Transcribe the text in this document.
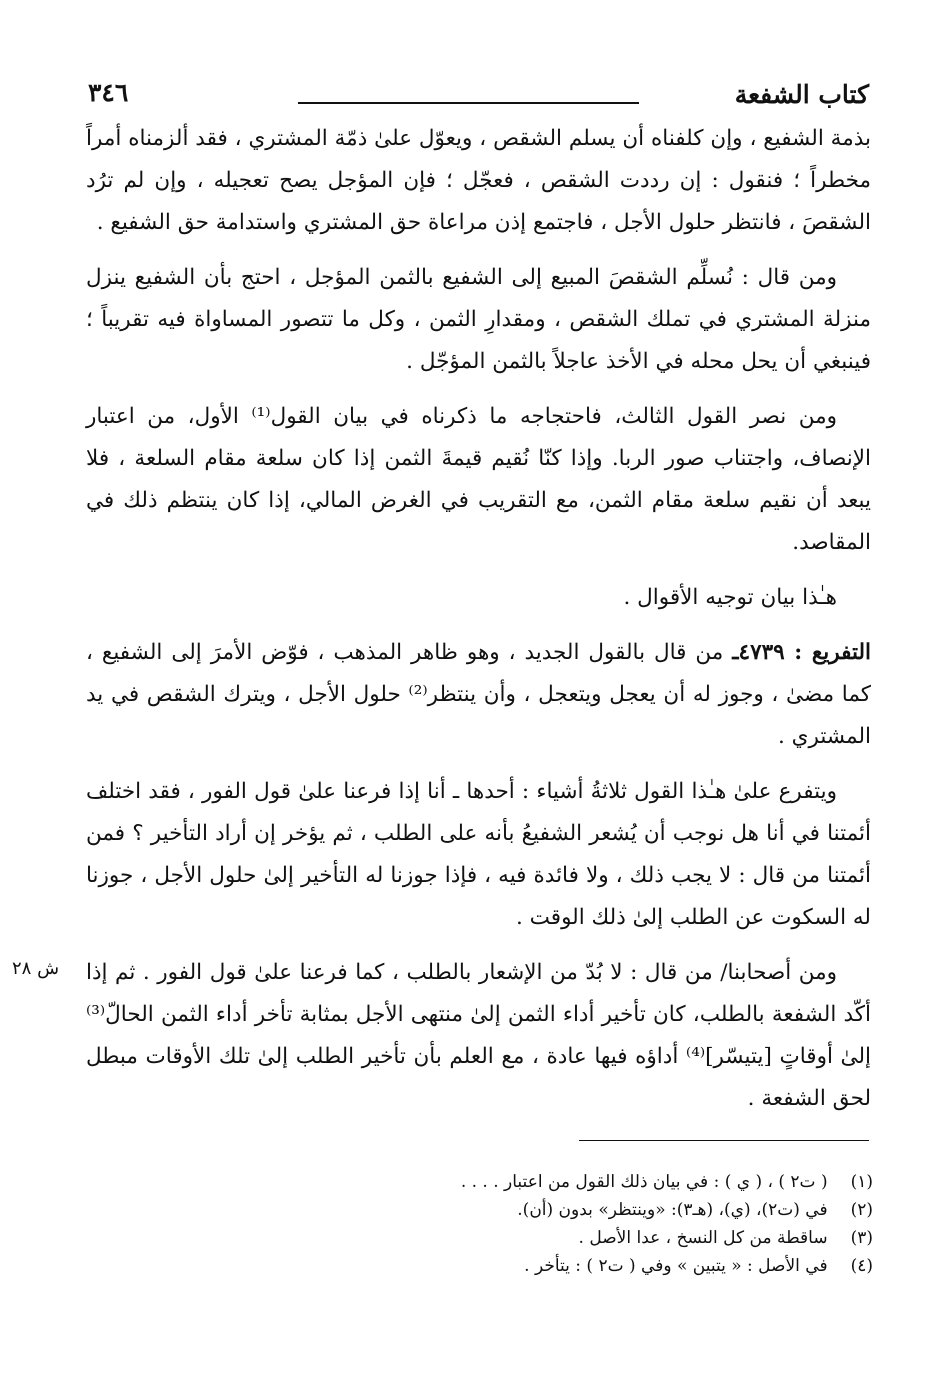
كتاب الشفعة
٣٤٦

بذمة الشفيع ، وإن كلفناه أن يسلم الشقص ، ويعوّل علىٰ ذمّة المشتري ، فقد ألزمناه أمراً مخطراً ؛ فنقول : إن رددت الشقص ، فعجّل ؛ فإن المؤجل يصح تعجيله ، وإن لم ترُد الشقصَ ، فانتظر حلول الأجل ، فاجتمع إذن مراعاة حق المشتري واستدامة حق الشفيع .

ومن قال : نُسلِّم الشقصَ المبيع إلى الشفيع بالثمن المؤجل ، احتج بأن الشفيع ينزل منزلة المشتري في تملك الشقص ، ومقدارِ الثمن ، وكل ما تتصور المساواة فيه تقريباً ؛ فينبغي أن يحل محله في الأخذ عاجلاً بالثمن المؤجّل .

ومن نصر القول الثالث، فاحتجاجه ما ذكرناه في بيان القول⁽¹⁾ الأول، من اعتبار الإنصاف، واجتناب صور الربا. وإذا كنّا نُقيم قيمةَ الثمن إذا كان سلعة مقام السلعة ، فلا يبعد أن نقيم سلعة مقام الثمن، مع التقريب في الغرض المالي، إذا كان ينتظم ذلك في المقاصد.

هـٰذا بيان توجيه الأقوال .

التفريع : ٤٧٣٩ـ من قال بالقول الجديد ، وهو ظاهر المذهب ، فوّض الأمرَ إلى الشفيع ، كما مضىٰ ، وجوز له أن يعجل ويتعجل ، وأن ينتظر⁽²⁾ حلول الأجل ، ويترك الشقص في يد المشتري .

ويتفرع علىٰ هـٰذا القول ثلاثةُ أشياء : أحدها ـ أنا إذا فرعنا علىٰ قول الفور ، فقد اختلف أئمتنا في أنا هل نوجب أن يُشعر الشفيعُ بأنه على الطلب ، ثم يؤخر إن أراد التأخير ؟ فمن أئمتنا من قال : لا يجب ذلك ، ولا فائدة فيه ، فإذا جوزنا له التأخير إلىٰ حلول الأجل ، جوزنا له السكوت عن الطلب إلىٰ ذلك الوقت .

ومن أصحابنا/ من قال : لا بُدّ من الإشعار بالطلب ، كما فرعنا علىٰ قول الفور . ثم إذا أكّد الشفعة بالطلب، كان تأخير أداء الثمن إلىٰ منتهى الأجل بمثابة تأخر أداء الثمن الحالّ⁽³⁾ إلىٰ أوقاتٍ [يتيسّر]⁽⁴⁾ أداؤه فيها عادة ، مع العلم بأن تأخير الطلب إلىٰ تلك الأوقات مبطل لحق الشفعة .

ش ٢٨
(١) ( ت٢ ) ، ( ي ) : في بيان ذلك القول من اعتبار . . . .
(٢) في (ت٢)، (ي)، (هـ٣): «وينتظر» بدون (أن).
(٣) ساقطة من كل النسخ ، عدا الأصل .
(٤) في الأصل : « يتبين » وفي ( ت٢ ) : يتأخر .
